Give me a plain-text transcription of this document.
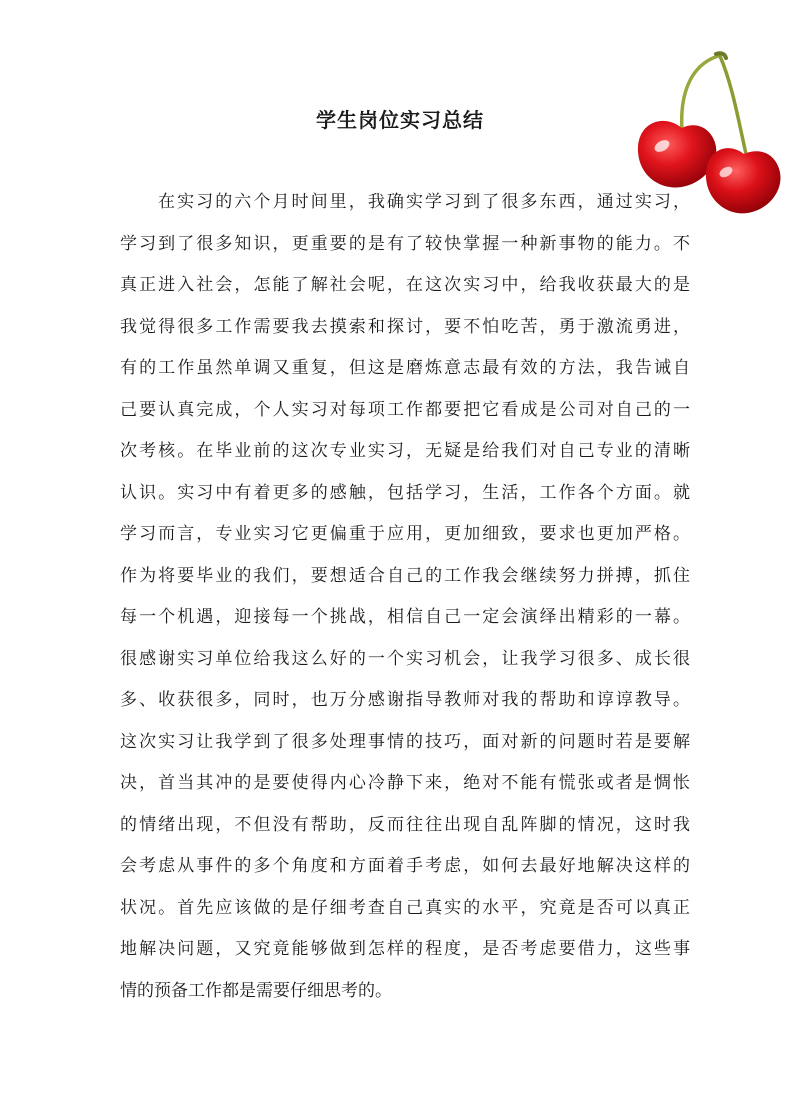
学生岗位实习总结
在实习的六个月时间里，我确实学习到了很多东西，通过实习，
学习到了很多知识，更重要的是有了较快掌握一种新事物的能力。不
真正进入社会，怎能了解社会呢，在这次实习中，给我收获最大的是
我觉得很多工作需要我去摸索和探讨，要不怕吃苦，勇于激流勇进，
有的工作虽然单调又重复，但这是磨炼意志最有效的方法，我告诫自
己要认真完成，个人实习对每项工作都要把它看成是公司对自己的一
次考核。在毕业前的这次专业实习，无疑是给我们对自己专业的清晰
认识。实习中有着更多的感触，包括学习，生活，工作各个方面。就
学习而言，专业实习它更偏重于应用，更加细致，要求也更加严格。
作为将要毕业的我们，要想适合自己的工作我会继续努力拼搏，抓住
每一个机遇，迎接每一个挑战，相信自己一定会演绎出精彩的一幕。
很感谢实习单位给我这么好的一个实习机会，让我学习很多、成长很
多、收获很多，同时，也万分感谢指导教师对我的帮助和谆谆教导。
这次实习让我学到了很多处理事情的技巧，面对新的问题时若是要解
决，首当其冲的是要使得内心冷静下来，绝对不能有慌张或者是惆怅
的情绪出现，不但没有帮助，反而往往出现自乱阵脚的情况，这时我
会考虑从事件的多个角度和方面着手考虑，如何去最好地解决这样的
状况。首先应该做的是仔细考查自己真实的水平，究竟是否可以真正
地解决问题，又究竟能够做到怎样的程度，是否考虑要借力，这些事
情的预备工作都是需要仔细思考的。
